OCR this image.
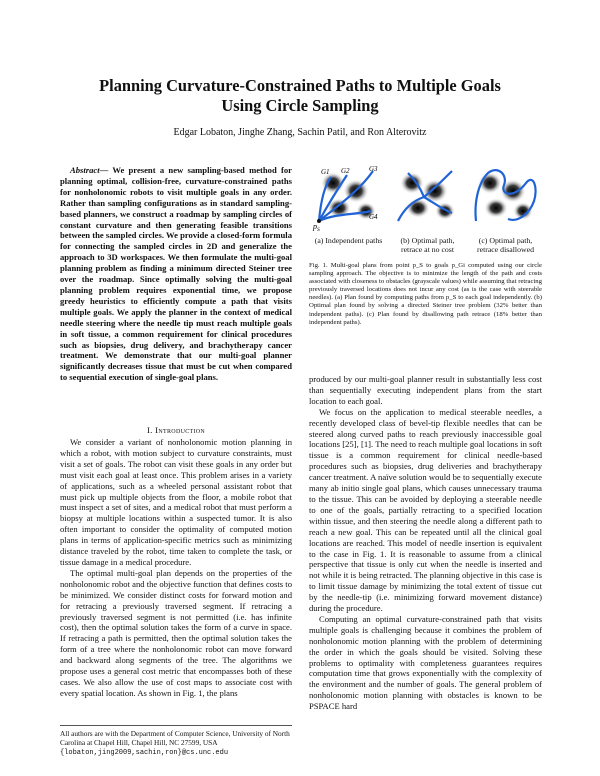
Planning Curvature-Constrained Paths to Multiple Goals
Using Circle Sampling
Edgar Lobaton, Jinghe Zhang, Sachin Patil, and Ron Alterovitz

Abstract— We present a new sampling-based method for planning optimal, collision-free, curvature-constrained paths for nonholonomic robots to visit multiple goals in any order. Rather than sampling configurations as in standard sampling-based planners, we construct a roadmap by sampling circles of constant curvature and then generating feasible transitions between the sampled circles. We provide a closed-form formula for connecting the sampled circles in 2D and generalize the approach to 3D workspaces. We then formulate the multi-goal planning problem as finding a minimum directed Steiner tree over the roadmap. Since optimally solving the multi-goal planning problem requires exponential time, we propose greedy heuristics to efficiently compute a path that visits multiple goals. We apply the planner in the context of medical needle steering where the needle tip must reach multiple goals in soft tissue, a common requirement for clinical procedures such as biopsies, drug delivery, and brachytherapy cancer treatment. We demonstrate that our multi-goal planner significantly decreases tissue that must be cut when compared to sequential execution of single-goal plans.

I. Introduction

We consider a variant of nonholonomic motion planning in which a robot, with motion subject to curvature constraints, must visit a set of goals. The robot can visit these goals in any order but must visit each goal at least once. This problem arises in a variety of applications, such as a wheeled personal assistant robot that must pick up multiple objects from the floor, a mobile robot that must inspect a set of sites, and a medical robot that must perform a biopsy at multiple locations within a suspected tumor. It is also often important to consider the optimality of computed motion plans in terms of application-specific metrics such as minimizing distance traveled by the robot, time taken to complete the task, or tissue damage in a medical procedure.

The optimal multi-goal plan depends on the properties of the nonholonomic robot and the objective function that defines costs to be minimized. We consider distinct costs for forward motion and for retracing a previously traversed segment. If retracing a previously traversed segment is not permitted (i.e. has infinite cost), then the optimal solution takes the form of a curve in space. If retracing a path is permitted, then the optimal solution takes the form of a tree where the nonholonomic robot can move forward and backward along segments of the tree. The algorithms we propose uses a general cost metric that encompasses both of these cases. We also allow the use of cost maps to associate cost with every spatial location. As shown in Fig. 1, the plans

All authors are with the Department of Computer Science, University of North Carolina at Chapel Hill, Chapel Hill, NC 27599, USA
{lobaton,jing2009,sachin,ron}@cs.unc.edu
$p_S$
G1 G2	G3
G4
(a) Independent paths	(b) Optimal path, retrace at no cost
(c) Optimal path, retrace disallowed
Fig. 1. Multi-goal plans from point p_S to goals p_Gi computed using our circle sampling approach. The objective is to minimize the length of the path and costs associated with closeness to obstacles (grayscale values) while assuming that retracing previously traversed locations does not incur any cost (as is the case with steerable needles). (a) Plan found by computing paths from p_S to each goal independently. (b) Optimal plan found by solving a directed Steiner tree problem (32% better than independent paths). (c) Plan found by disallowing path retrace (18% better than independent paths).

produced by our multi-goal planner result in substantially less cost than sequentially executing independent plans from the start location to each goal.

We focus on the application to medical steerable needles, a recently developed class of bevel-tip flexible needles that can be steered along curved paths to reach previously inaccessible goal locations [25], [1]. The need to reach multiple goal locations in soft tissue is a common requirement for clinical needle-based procedures such as biopsies, drug deliveries and brachytherapy cancer treatment. A naïve solution would be to sequentially execute many ab initio single goal plans, which causes unnecessary trauma to the tissue. This can be avoided by deploying a steerable needle to one of the goals, partially retracting to a specified location within tissue, and then steering the needle along a different path to reach a new goal. This can be repeated until all the clinical goal locations are reached. This model of needle insertion is equivalent to the case in Fig. 1. It is reasonable to assume from a clinical perspective that tissue is only cut when the needle is inserted and not while it is being retracted. The planning objective in this case is to limit tissue damage by minimizing the total extent of tissue cut by the needle-tip (i.e. minimizing forward movement distance) during the procedure.

Computing an optimal curvature-constrained path that visits multiple goals is challenging because it combines the problem of nonholonomic motion planning with the problem of determining the order in which the goals should be visited. Solving these problems to optimality with completeness guarantees requires computation time that grows exponentially with the complexity of the environment and the number of goals. The general problem of nonholonomic motion planning with obstacles is known to be PSPACE hard
